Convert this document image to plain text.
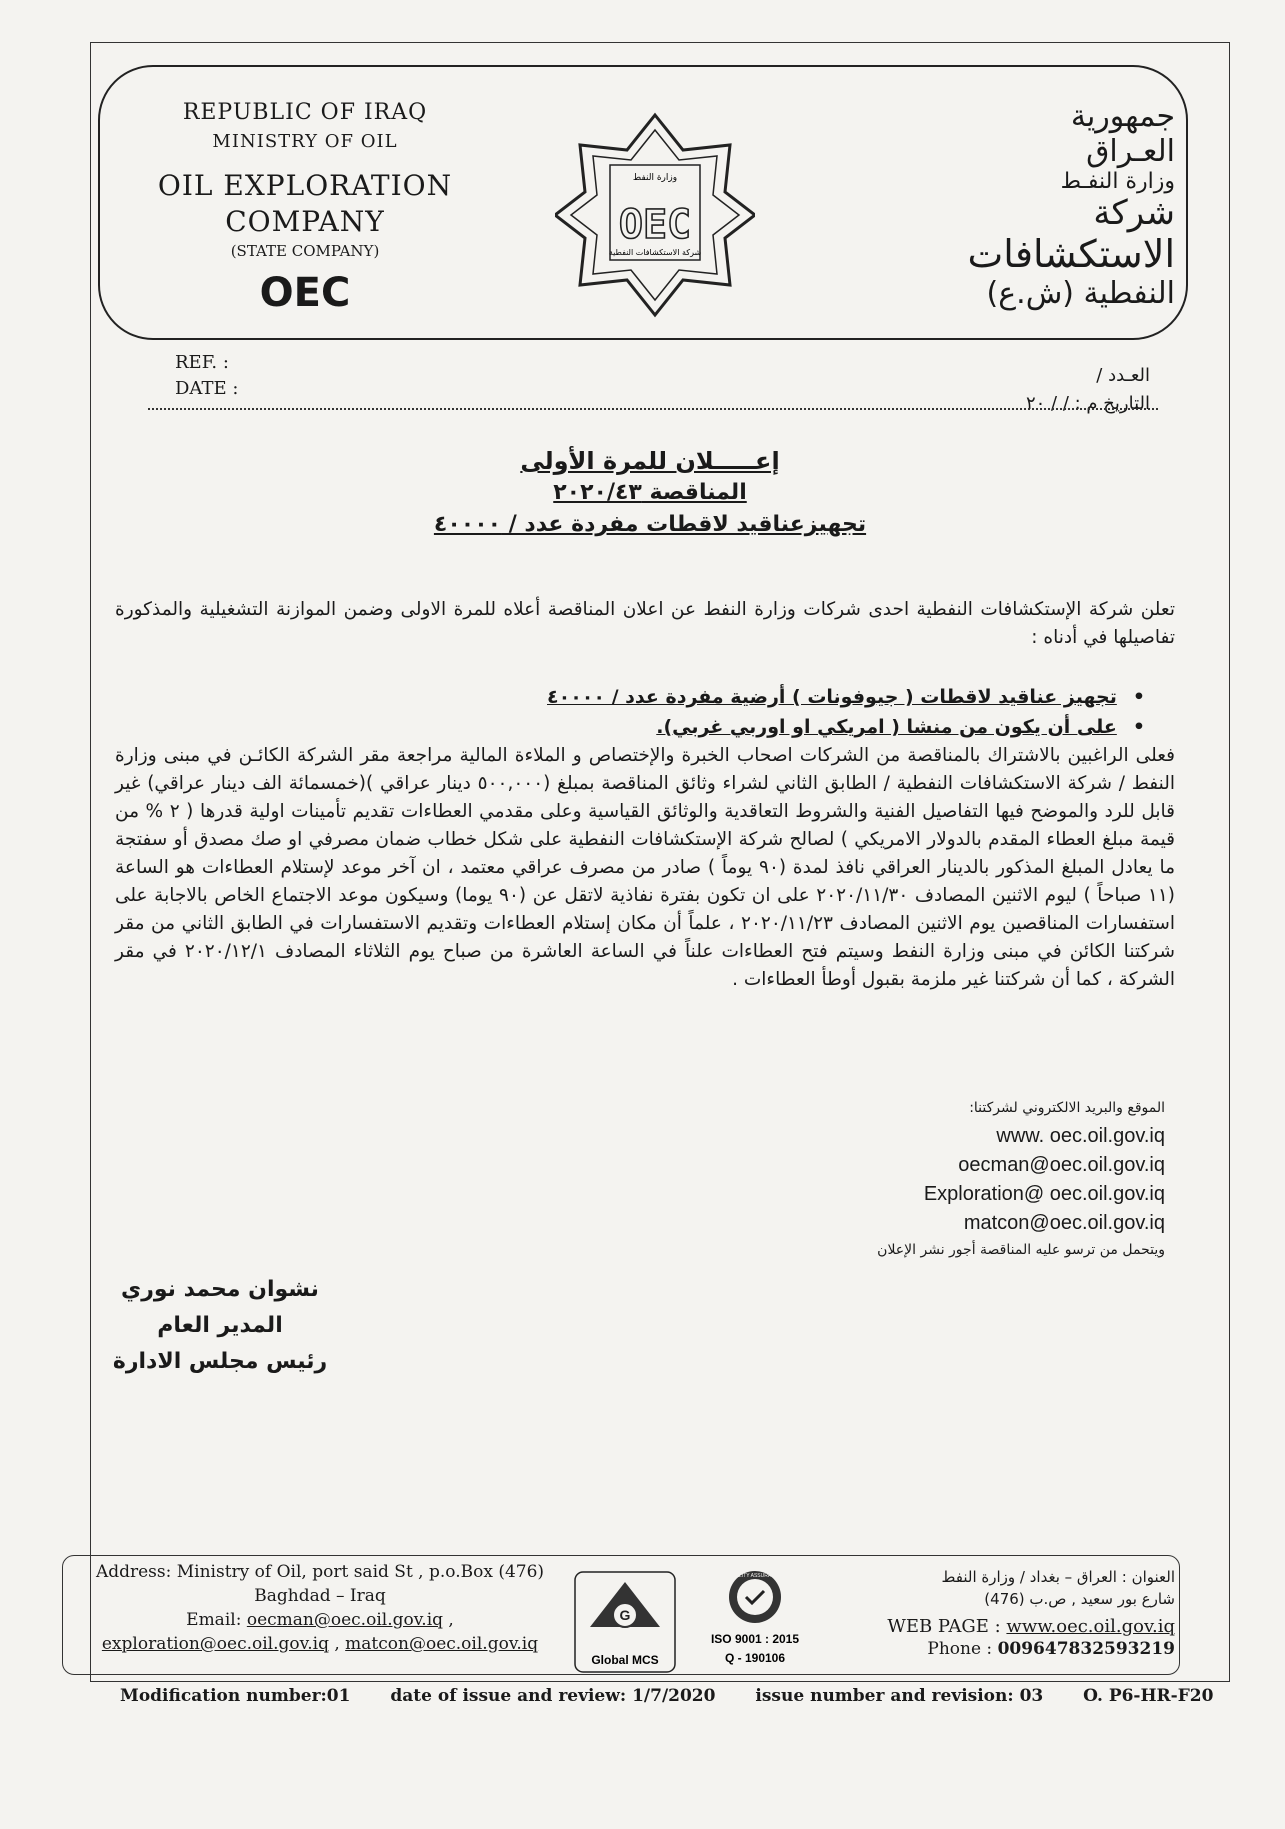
REPUBLIC OF IRAQ
MINISTRY OF OIL
OIL EXPLORATION COMPANY
(STATE COMPANY)
OEC
وزارة النفط
OEC
شركة الاستكشافات النفطية
جمهورية
العـراق
وزارة النفـط
شركة
الاستكشافات
النفطية (ش.ع)
REF. :
DATE :
العـدد /
التاريخ م : / / ٢٠
إعـــــلان للمرة الأولى
المناقصة ٢٠٢٠/٤٣
تجهيزعناقيد لاقطات مفردة عدد / ٤٠٠٠٠
تعلن شركة الإستكشافات النفطية احدى شركات وزارة النفط عن اعلان المناقصة أعلاه للمرة الاولى وضمن الموازنة التشغيلية والمذكورة تفاصيلها في أدناه :
• تجهيز عناقيد لاقطات ( جيوفونات ) أرضية مفردة عدد / ٤٠٠٠٠
• على أن يكون من منشا ( امريكي او اوربي غربي).
فعلى الراغبين بالاشتراك بالمناقصة من الشركات اصحاب الخبرة والإختصاص و الملاءة المالية مراجعة مقر الشركة الكائـن في مبنى وزارة النفط / شركة الاستكشافات النفطية / الطابق الثاني لشراء وثائق المناقصة بمبلغ (٥٠٠,٠٠٠ دينار عراقي )(خمسمائة الف دينار عراقي) غير قابل للرد والموضح فيها التفاصيل الفنية والشروط التعاقدية والوثائق القياسية وعلى مقدمي العطاءات تقديم تأمينات اولية قدرها ( ٢ % من قيمة مبلغ العطاء المقدم بالدولار الامريكي ) لصالح شركة الإستكشافات النفطية على شكل خطاب ضمان مصرفي او صك مصدق أو سفتجة ما يعادل المبلغ المذكور بالدينار العراقي نافذ لمدة (٩٠ يوماً ) صادر من مصرف عراقي معتمد ، ان آخر موعد لإستلام العطاءات هو الساعة (١١ صباحاً ) ليوم الاثنين المصادف ٢٠٢٠/١١/٣٠ على ان تكون بفترة نفاذية لاتقل عن (٩٠ يوما) وسيكون موعد الاجتماع الخاص بالاجابة على استفسارات المناقصين يوم الاثنين المصادف ٢٠٢٠/١١/٢٣ ، علماً أن مكان إستلام العطاءات وتقديم الاستفسارات في الطابق الثاني من مقر شركتنا الكائن في مبنى وزارة النفط وسيتم فتح العطاءات علناً في الساعة العاشرة من صباح يوم الثلاثاء المصادف ٢٠٢٠/١٢/١ في مقر الشركة ، كما أن شركتنا غير ملزمة بقبول أوطأ العطاءات .
الموقع والبريد الالكتروني لشركتنا:
www. oec.oil.gov.iq
oecman@oec.oil.gov.iq
Exploration@ oec.oil.gov.iq
matcon@oec.oil.gov.iq
ويتحمل من ترسو عليه المناقصة أجور نشر الإعلان
نشوان محمد نوري
المدير العام
رئيس مجلس الادارة
Address: Ministry of Oil, port said St , p.o.Box (476)
Baghdad – Iraq
Email: oecman@oec.oil.gov.iq ,
exploration@oec.oil.gov.iq , matcon@oec.oil.gov.iq
G
Global MCS
QUALITY ASSURANCE
ISO 9001 : 2015
Q - 190106
العنوان : العراق – بغداد / وزارة النفط
شارع بور سعيد , ص.ب (476)
WEB PAGE : www.oec.oil.gov.iq
Phone : 009647832593219
Modification number:01 date of issue and review: 1/7/2020 issue number and revision: 03 O. P6-HR-F20
